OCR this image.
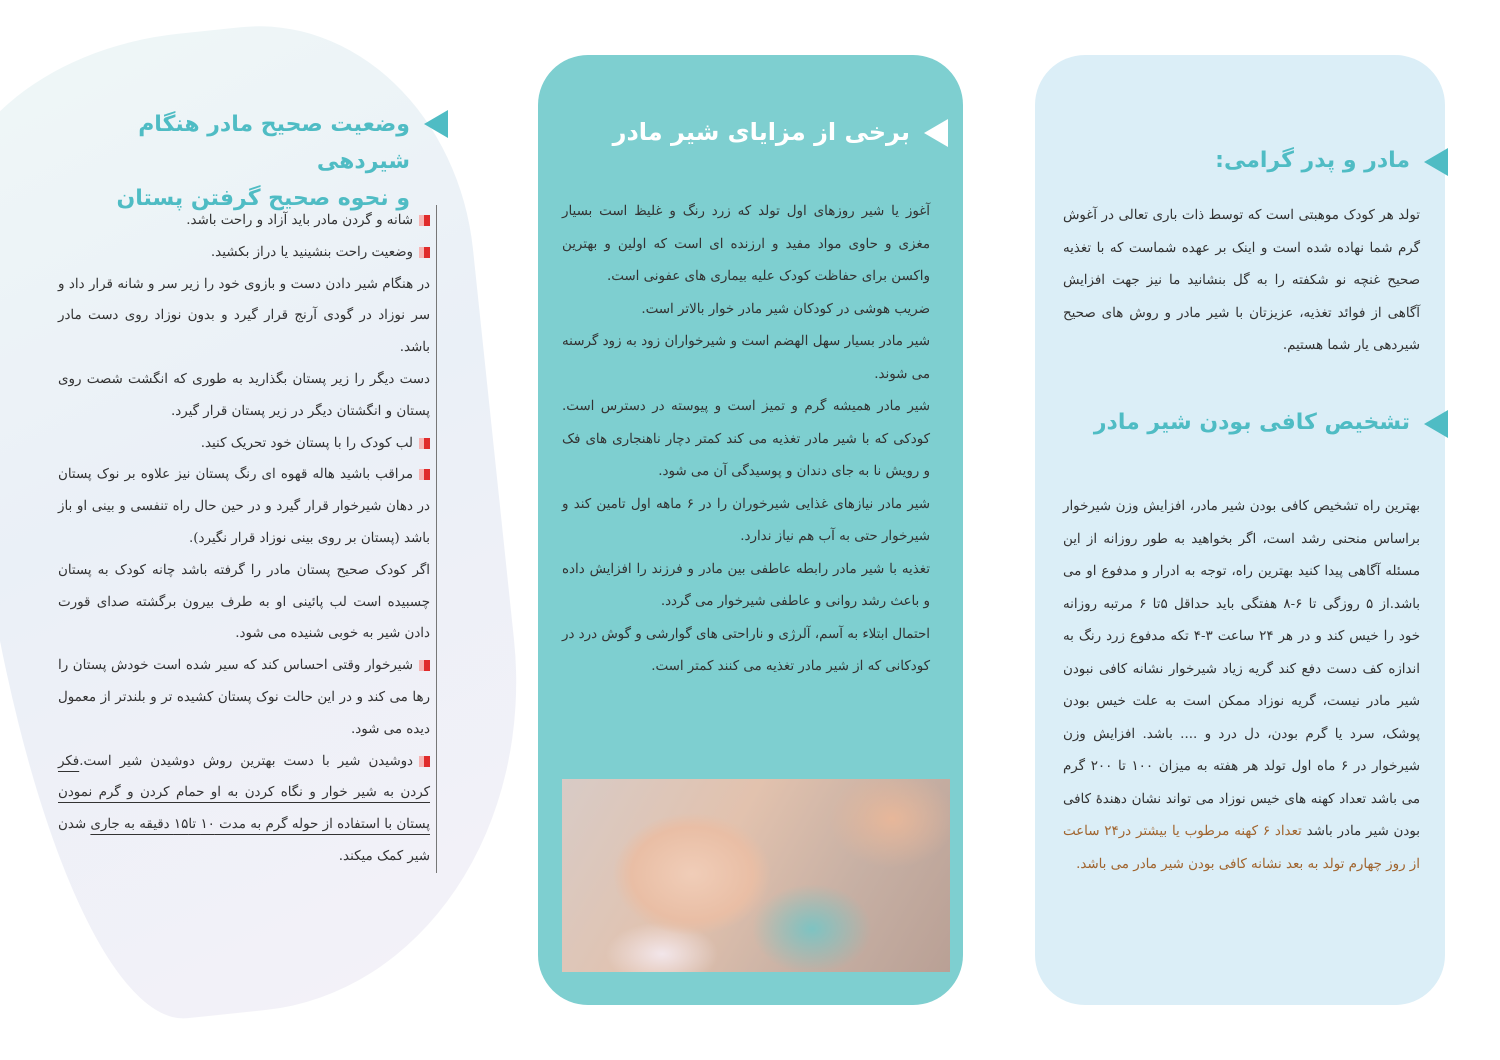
مادر و پدر گرامی:

تولد هر کودک موهبتی است که توسط ذات باری تعالی در آغوش گرم شما نهاده شده است و اینک بر عهده شماست که با تغذیه صحیح غنچه نو شکفته را به گل بنشانید ما نیز جهت افزایش آگاهی از فوائد تغذیه، عزیزتان با شیر مادر و روش های صحیح شیردهی یار شما هستیم.

تشخیص کافی بودن شیر مادر

بهترین راه تشخیص کافی بودن شیر مادر، افزایش وزن شیرخوار براساس منحنی رشد است، اگر بخواهید به طور روزانه از این مسئله آگاهی پیدا کنید بهترین راه، توجه به ادرار و مدفوع او می باشد.از ۵ روزگی تا ۶-۸ هفتگی باید حداقل ۵تا ۶ مرتبه روزانه خود را خیس کند و در هر ۲۴ ساعت ۳-۴ تکه مدفوع زرد رنگ به اندازه کف دست دفع کند گریه زیاد شیرخوار نشانه کافی نبودن شیر مادر نیست، گریه نوزاد ممکن است به علت خیس بودن پوشک، سرد یا گرم بودن، دل درد و .... باشد. افزایش وزن شیرخوار در ۶ ماه اول تولد هر هفته به میزان ۱۰۰ تا ۲۰۰ گرم می باشد تعداد کهنه های خیس نوزاد می تواند نشان دهندهٔ کافی بودن شیر مادر باشد تعداد ۶ کهنه مرطوب یا بیشتر در۲۴ ساعت از روز چهارم تولد به بعد نشانه کافی بودن شیر مادر می باشد.

برخی از مزایای شیر مادر

آغوز یا شیر روزهای اول تولد که زرد رنگ و غلیظ است بسیار مغزی و حاوی مواد مفید و ارزنده ای است که اولین و بهترین واکسن برای حفاظت کودک علیه بیماری های عفونی است.

ضریب هوشی در کودکان شیر مادر خوار بالاتر است.

شیر مادر بسیار سهل الهضم است و شیرخواران زود به زود گرسنه می شوند.

شیر مادر همیشه گرم و تمیز است و پیوسته در دسترس است. کودکی که با شیر مادر تغذیه می کند کمتر دچار ناهنجاری های فک و رویش نا به جای دندان و پوسیدگی آن می شود.

شیر مادر نیازهای غذایی شیرخوران را در ۶ ماهه اول تامین کند و شیرخوار حتی به آب هم نیاز ندارد.

تغذیه با شیر مادر رابطه عاطفی بین مادر و فرزند را افزایش داده و باعث رشد روانی و عاطفی شیرخوار می گردد.

احتمال ابتلاء به آسم، آلرژی و ناراحتی های گوارشی و گوش درد در کودکانی که از شیر مادر تغذیه می کنند کمتر است.

وضعیت صحیح مادر هنگام شیردهی
و نحوه صحیح گرفتن پستان

شانه و گردن مادر باید آزاد و راحت باشد.

وضعیت راحت بنشینید یا دراز بکشید.

در هنگام شیر دادن دست و بازوی خود را زیر سر و شانه قرار داد و سر نوزاد در گودی آرنج قرار گیرد و بدون نوزاد روی دست مادر باشد.

دست دیگر را زیر پستان بگذارید به طوری که انگشت شصت روی پستان و انگشتان دیگر در زیر پستان قرار گیرد.

لب کودک را با پستان خود تحریک کنید.

مراقب باشید هاله قهوه ای رنگ پستان نیز علاوه بر نوک پستان در دهان شیرخوار قرار گیرد و در حین حال راه تنفسی و بینی او باز باشد (پستان بر روی بینی نوزاد قرار نگیرد).

اگر کودک صحیح پستان مادر را گرفته باشد چانه کودک به پستان چسبیده است لب پائینی او به طرف بیرون برگشته صدای قورت دادن شیر به خوبی شنیده می شود.

شیرخوار وقتی احساس کند که سیر شده است خودش پستان را رها می کند و در این حالت نوک پستان کشیده تر و بلندتر از معمول دیده می شود.

دوشیدن شیر با دست بهترین روش دوشیدن شیر است.فکر کردن به شیر خوار و نگاه کردن به او حمام کردن و گرم نمودن پستان با استفاده از حوله گرم به مدت ۱۰ تا۱۵ دقیقه به جاری شدن شیر کمک میکند.
